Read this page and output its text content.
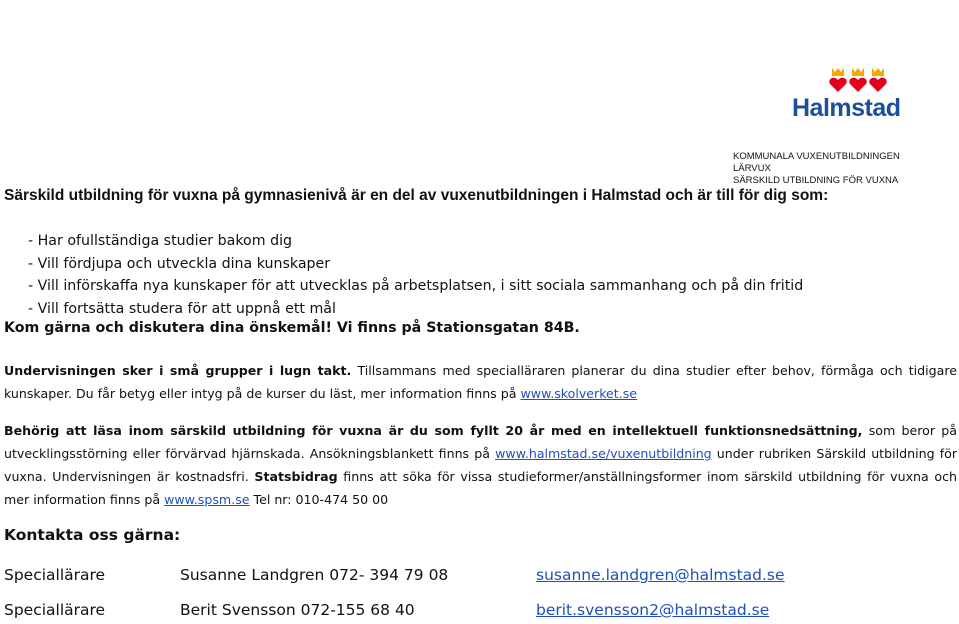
Halmstad
KOMMUNALA VUXENUTBILDNINGEN
LÄRVUX
SÄRSKILD UTBILDNING FÖR VUXNA
Särskild utbildning för vuxna på gymnasienivå är en del av vuxenutbildningen i Halmstad och är till för dig som:
- Har ofullständiga studier bakom dig
- Vill fördjupa och utveckla dina kunskaper
- Vill införskaffa nya kunskaper för att utvecklas på arbetsplatsen, i sitt sociala sammanhang och på din fritid
- Vill fortsätta studera för att uppnå ett mål
Kom gärna och diskutera dina önskemål! Vi finns på Stationsgatan 84B.
Undervisningen sker i små grupper i lugn takt. Tillsammans med specialläraren planerar du dina studier efter behov, förmåga och tidigare kunskaper. Du får betyg eller intyg på de kurser du läst, mer information finns på www.skolverket.se
Behörig att läsa inom särskild utbildning för vuxna är du som fyllt 20 år med en intellektuell funktionsnedsättning, som beror på utvecklingsstörning eller förvärvad hjärnskada. Ansökningsblankett finns på www.halmstad.se/vuxenutbildning under rubriken Särskild utbildning för vuxna. Undervisningen är kostnadsfri. Statsbidrag finns att söka för vissa studieformer/anställningsformer inom särskild utbildning för vuxna och mer information finns på www.spsm.se Tel nr: 010-474 50 00
Kontakta oss gärna:
Speciallärare	Susanne Landgren 072- 394 79 08	susanne.landgren@halmstad.se
Speciallärare	Berit Svensson 072-155 68 40	berit.svensson2@halmstad.se
